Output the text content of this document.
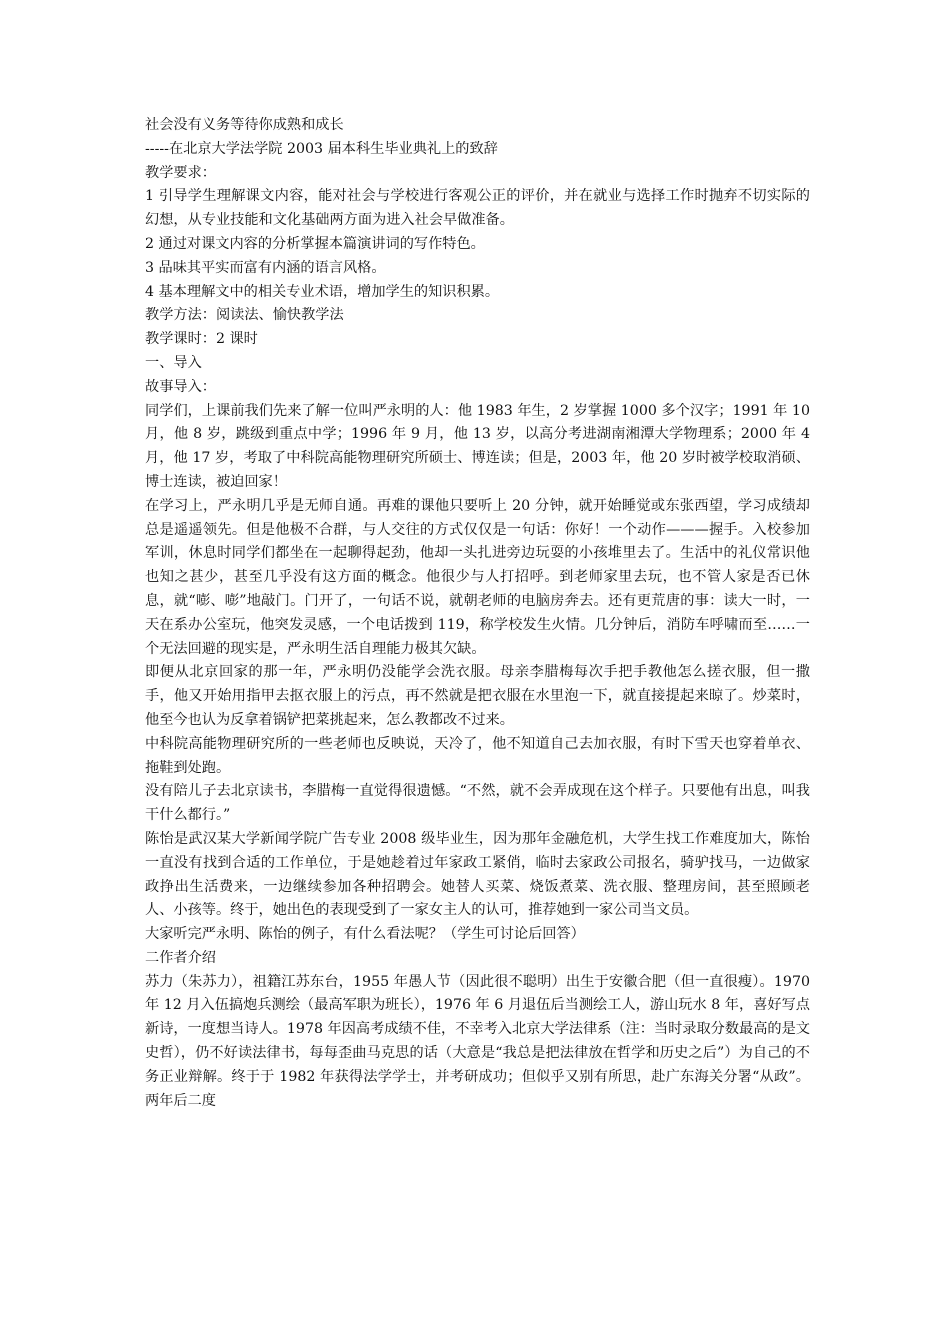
社会没有义务等待你成熟和成长

-----在北京大学法学院 2003 届本科生毕业典礼上的致辞

教学要求：

1 引导学生理解课文内容，能对社会与学校进行客观公正的评价，并在就业与选择工作时抛弃不切实际的幻想，从专业技能和文化基础两方面为进入社会早做准备。

2 通过对课文内容的分析掌握本篇演讲词的写作特色。

3 品味其平实而富有内涵的语言风格。

4 基本理解文中的相关专业术语，增加学生的知识积累。

教学方法：阅读法、愉快教学法

教学课时：2 课时

一、导入

故事导入：

同学们，上课前我们先来了解一位叫严永明的人：他 1983 年生，2 岁掌握 1000 多个汉字；1991 年 10 月，他 8 岁，跳级到重点中学；1996 年 9 月，他 13 岁，以高分考进湖南湘潭大学物理系；2000 年 4 月，他 17 岁，考取了中科院高能物理研究所硕士、博连读；但是，2003 年，他 20 岁时被学校取消硕、博士连读，被迫回家！

在学习上，严永明几乎是无师自通。再难的课他只要听上 20 分钟，就开始睡觉或东张西望，学习成绩却总是遥遥领先。但是他极不合群，与人交往的方式仅仅是一句话：你好！一个动作———握手。入校参加军训，休息时同学们都坐在一起聊得起劲，他却一头扎进旁边玩耍的小孩堆里去了。生活中的礼仪常识他也知之甚少，甚至几乎没有这方面的概念。他很少与人打招呼。到老师家里去玩，也不管人家是否已休息，就“嘭、嘭”地敲门。门开了，一句话不说，就朝老师的电脑房奔去。还有更荒唐的事：读大一时，一天在系办公室玩，他突发灵感，一个电话拨到 119，称学校发生火情。几分钟后，消防车呼啸而至……一个无法回避的现实是，严永明生活自理能力极其欠缺。

即便从北京回家的那一年，严永明仍没能学会洗衣服。母亲李腊梅每次手把手教他怎么搓衣服，但一撒手，他又开始用指甲去抠衣服上的污点，再不然就是把衣服在水里泡一下，就直接提起来晾了。炒菜时，他至今也认为反拿着锅铲把菜挑起来，怎么教都改不过来。

中科院高能物理研究所的一些老师也反映说，天冷了，他不知道自己去加衣服，有时下雪天也穿着单衣、拖鞋到处跑。

没有陪儿子去北京读书，李腊梅一直觉得很遗憾。“不然，就不会弄成现在这个样子。只要他有出息，叫我干什么都行。”

陈怡是武汉某大学新闻学院广告专业 2008 级毕业生，因为那年金融危机，大学生找工作难度加大，陈怡一直没有找到合适的工作单位，于是她趁着过年家政工紧俏，临时去家政公司报名，骑驴找马，一边做家政挣出生活费来，一边继续参加各种招聘会。她替人买菜、烧饭煮菜、洗衣服、整理房间，甚至照顾老人、小孩等。终于，她出色的表现受到了一家女主人的认可，推荐她到一家公司当文员。

大家听完严永明、陈怡的例子，有什么看法呢？（学生可讨论后回答）

二作者介绍

苏力（朱苏力），祖籍江苏东台，1955 年愚人节（因此很不聪明）出生于安徽合肥（但一直很瘦）。1970 年 12 月入伍搞炮兵测绘（最高军职为班长），1976 年 6 月退伍后当测绘工人，游山玩水 8 年，喜好写点新诗，一度想当诗人。1978 年因高考成绩不佳，不幸考入北京大学法律系（注：当时录取分数最高的是文史哲），仍不好读法律书，每每歪曲马克思的话（大意是“我总是把法律放在哲学和历史之后”）为自己的不务正业辩解。终于于 1982 年获得法学学士，并考研成功；但似乎又别有所思，赴广东海关分署“从政”。两年后二度
